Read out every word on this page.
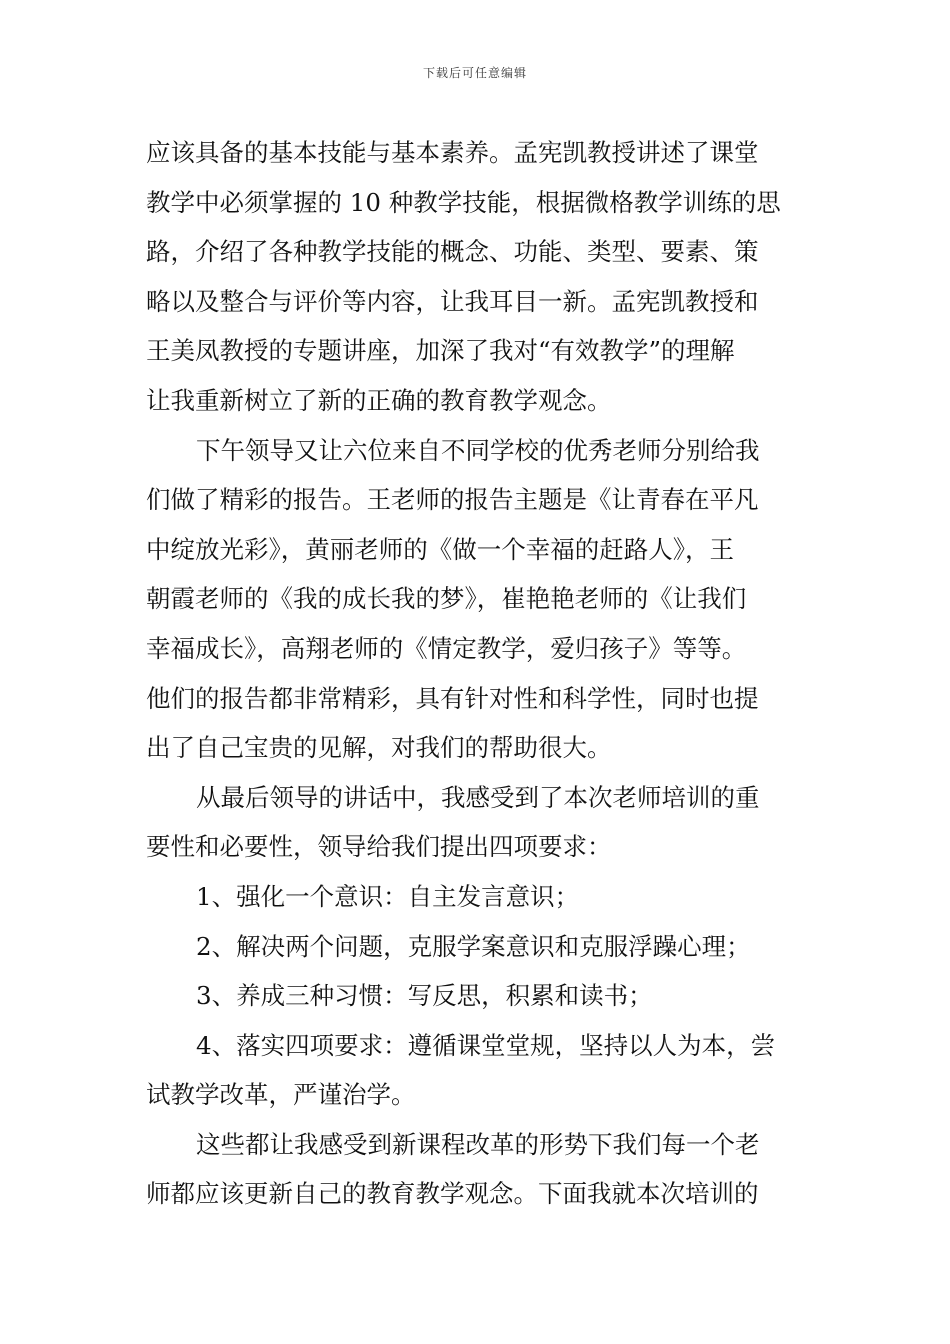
下载后可任意编辑
应该具备的基本技能与基本素养。孟宪凯教授讲述了课堂
教学中必须掌握的 10 种教学技能，根据微格教学训练的思
路，介绍了各种教学技能的概念、功能、类型、要素、策
略以及整合与评价等内容，让我耳目一新。孟宪凯教授和
王美凤教授的专题讲座，加深了我对“有效教学”的理解
让我重新树立了新的正确的教育教学观念。
下午领导又让六位来自不同学校的优秀老师分别给我
们做了精彩的报告。王老师的报告主题是《让青春在平凡
中绽放光彩》，黄丽老师的《做一个幸福的赶路人》，王
朝霞老师的《我的成长我的梦》，崔艳艳老师的《让我们
幸福成长》，高翔老师的《情定教学，爱归孩子》等等。
他们的报告都非常精彩，具有针对性和科学性，同时也提
出了自己宝贵的见解，对我们的帮助很大。
从最后领导的讲话中，我感受到了本次老师培训的重
要性和必要性，领导给我们提出四项要求：
1、强化一个意识：自主发言意识；
2、解决两个问题，克服学案意识和克服浮躁心理；
3、养成三种习惯：写反思，积累和读书；
4、落实四项要求：遵循课堂堂规，坚持以人为本，尝
试教学改革，严谨治学。
这些都让我感受到新课程改革的形势下我们每一个老
师都应该更新自己的教育教学观念。下面我就本次培训的
